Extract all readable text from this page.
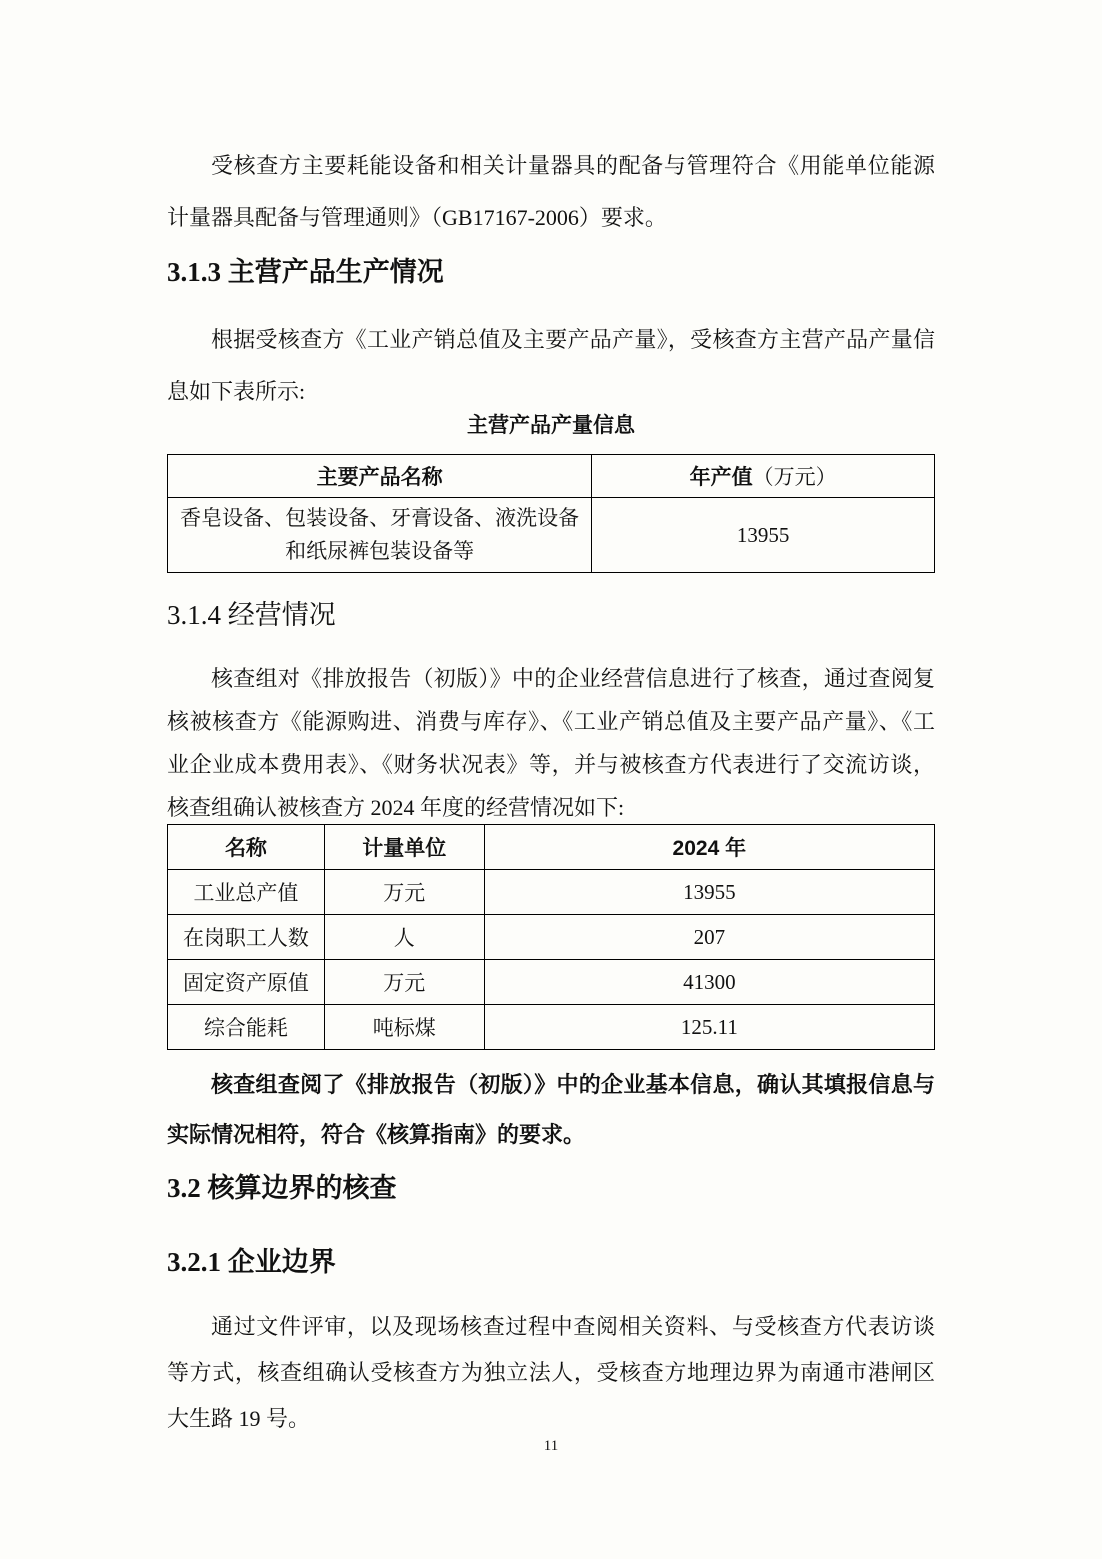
受核查方主要耗能设备和相关计量器具的配备与管理符合《用能单位能源计量器具配备与管理通则》（GB17167-2006）要求。

3.1.3 主营产品生产情况

根据受核查方《工业产销总值及主要产品产量》，受核查方主营产品产量信息如下表所示:

主营产品产量信息
主要产品名称	年产值（万元）
香皂设备、包装设备、牙膏设备、液洗设备和纸尿裤包装设备等	13955
3.1.4 经营情况

核查组对《排放报告（初版）》中的企业经营信息进行了核查，通过查阅复核被核查方《能源购进、消费与库存》、《工业产销总值及主要产品产量》、《工业企业成本费用表》、《财务状况表》等，并与被核查方代表进行了交流访谈，核查组确认被核查方 2024 年度的经营情况如下:

名称	计量单位	2024 年
工业总产值	万元	13955
在岗职工人数	人	207
固定资产原值	万元	41300
综合能耗	吨标煤	125.11

核查组查阅了《排放报告（初版）》中的企业基本信息，确认其填报信息与实际情况相符，符合《核算指南》的要求。

3.2 核算边界的核查
3.2.1 企业边界

通过文件评审，以及现场核查过程中查阅相关资料、与受核查方代表访谈等方式，核查组确认受核查方为独立法人，受核查方地理边界为南通市港闸区大生路 19 号。

11
